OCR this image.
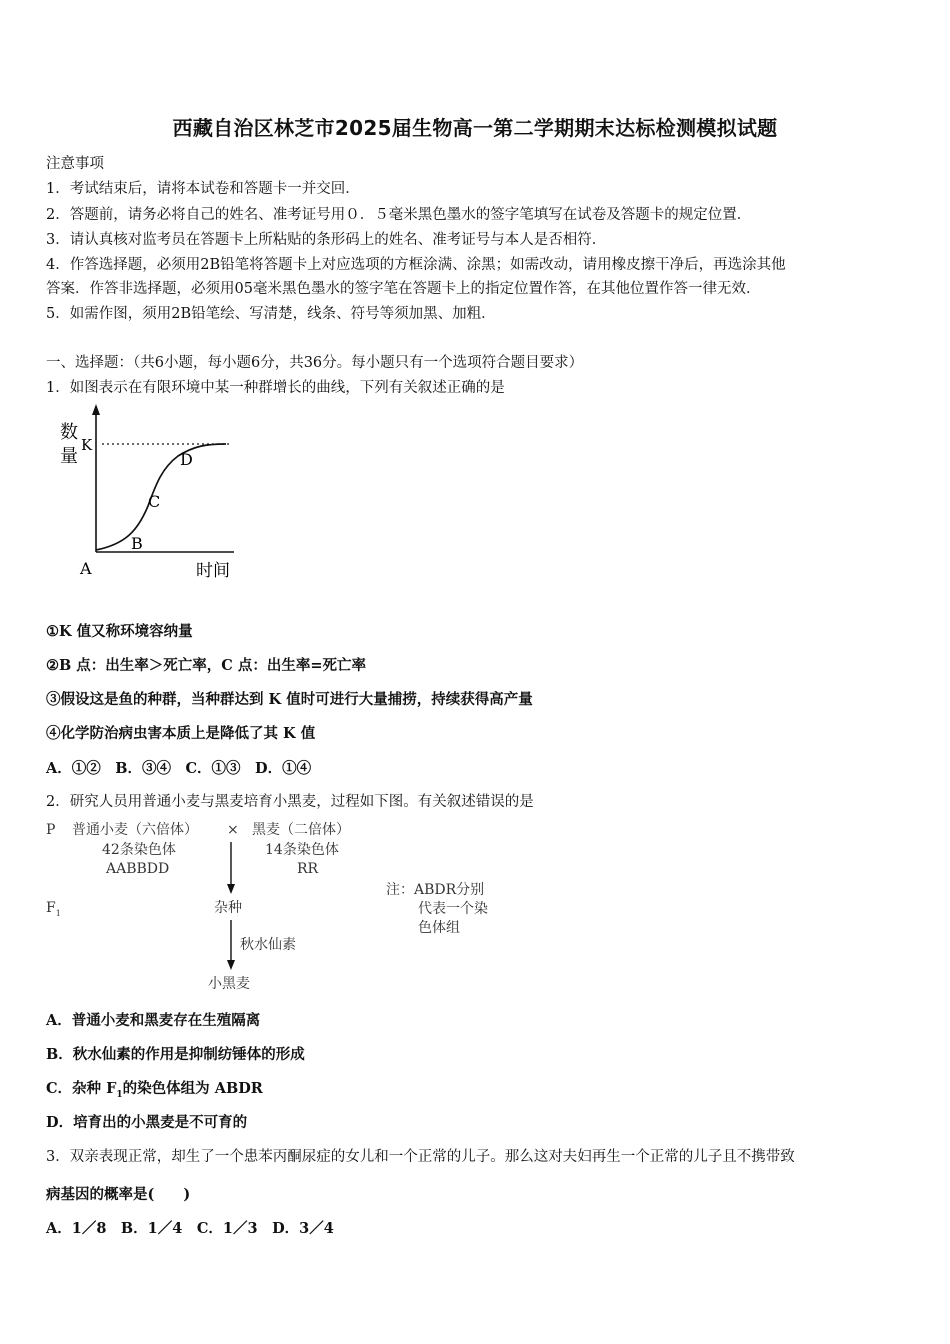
西藏自治区林芝市2025届生物高一第二学期期末达标检测模拟试题
注意事项
1．考试结束后，请将本试卷和答题卡一并交回．
2．答题前，请务必将自己的姓名、准考证号用０．５毫米黑色墨水的签字笔填写在试卷及答题卡的规定位置．
3．请认真核对监考员在答题卡上所粘贴的条形码上的姓名、准考证号与本人是否相符．
4．作答选择题，必须用2B铅笔将答题卡上对应选项的方框涂满、涂黑；如需改动，请用橡皮擦干净后，再选涂其他
答案．作答非选择题，必须用05毫米黑色墨水的签字笔在答题卡上的指定位置作答，在其他位置作答一律无效．
5．如需作图，须用2B铅笔绘、写清楚，线条、符号等须加黑、加粗．
一、选择题：（共6小题，每小题6分，共36分。每小题只有一个选项符合题目要求）
1．如图表示在有限环境中某一种群增长的曲线，下列有关叙述正确的是
数
量
K
A
B
C
D
时间
①K 值又称环境容纳量
②B 点：出生率＞死亡率，C 点：出生率=死亡率
③假设这是鱼的种群，当种群达到 K 值时可进行大量捕捞，持续获得高产量
④化学防治病虫害本质上是降低了其 K 值
A．①②　B．③④　C．①③　D．①④
2．研究人员用普通小麦与黑麦培育小黑麦，过程如下图。有关叙述错误的是
P 普通小麦（六倍体） × 黑麦（二倍体）
42条染色体
AABBDD
14条染色体
RR
$F_1$	杂种
秋水仙素
小黑麦
注：ABDR分别
代表一个染
色体组
A．普通小麦和黑麦存在生殖隔离
B．秋水仙素的作用是抑制纺锤体的形成
C．杂种 $F_1$的染色体组为 ABDR
D．培育出的小黑麦是不可育的
3．双亲表现正常，却生了一个患苯丙酮尿症的女儿和一个正常的儿子。那么这对夫妇再生一个正常的儿子且不携带致
病基因的概率是(　　)
A．1／8　B．1／4　C．1／3　D．3／4
